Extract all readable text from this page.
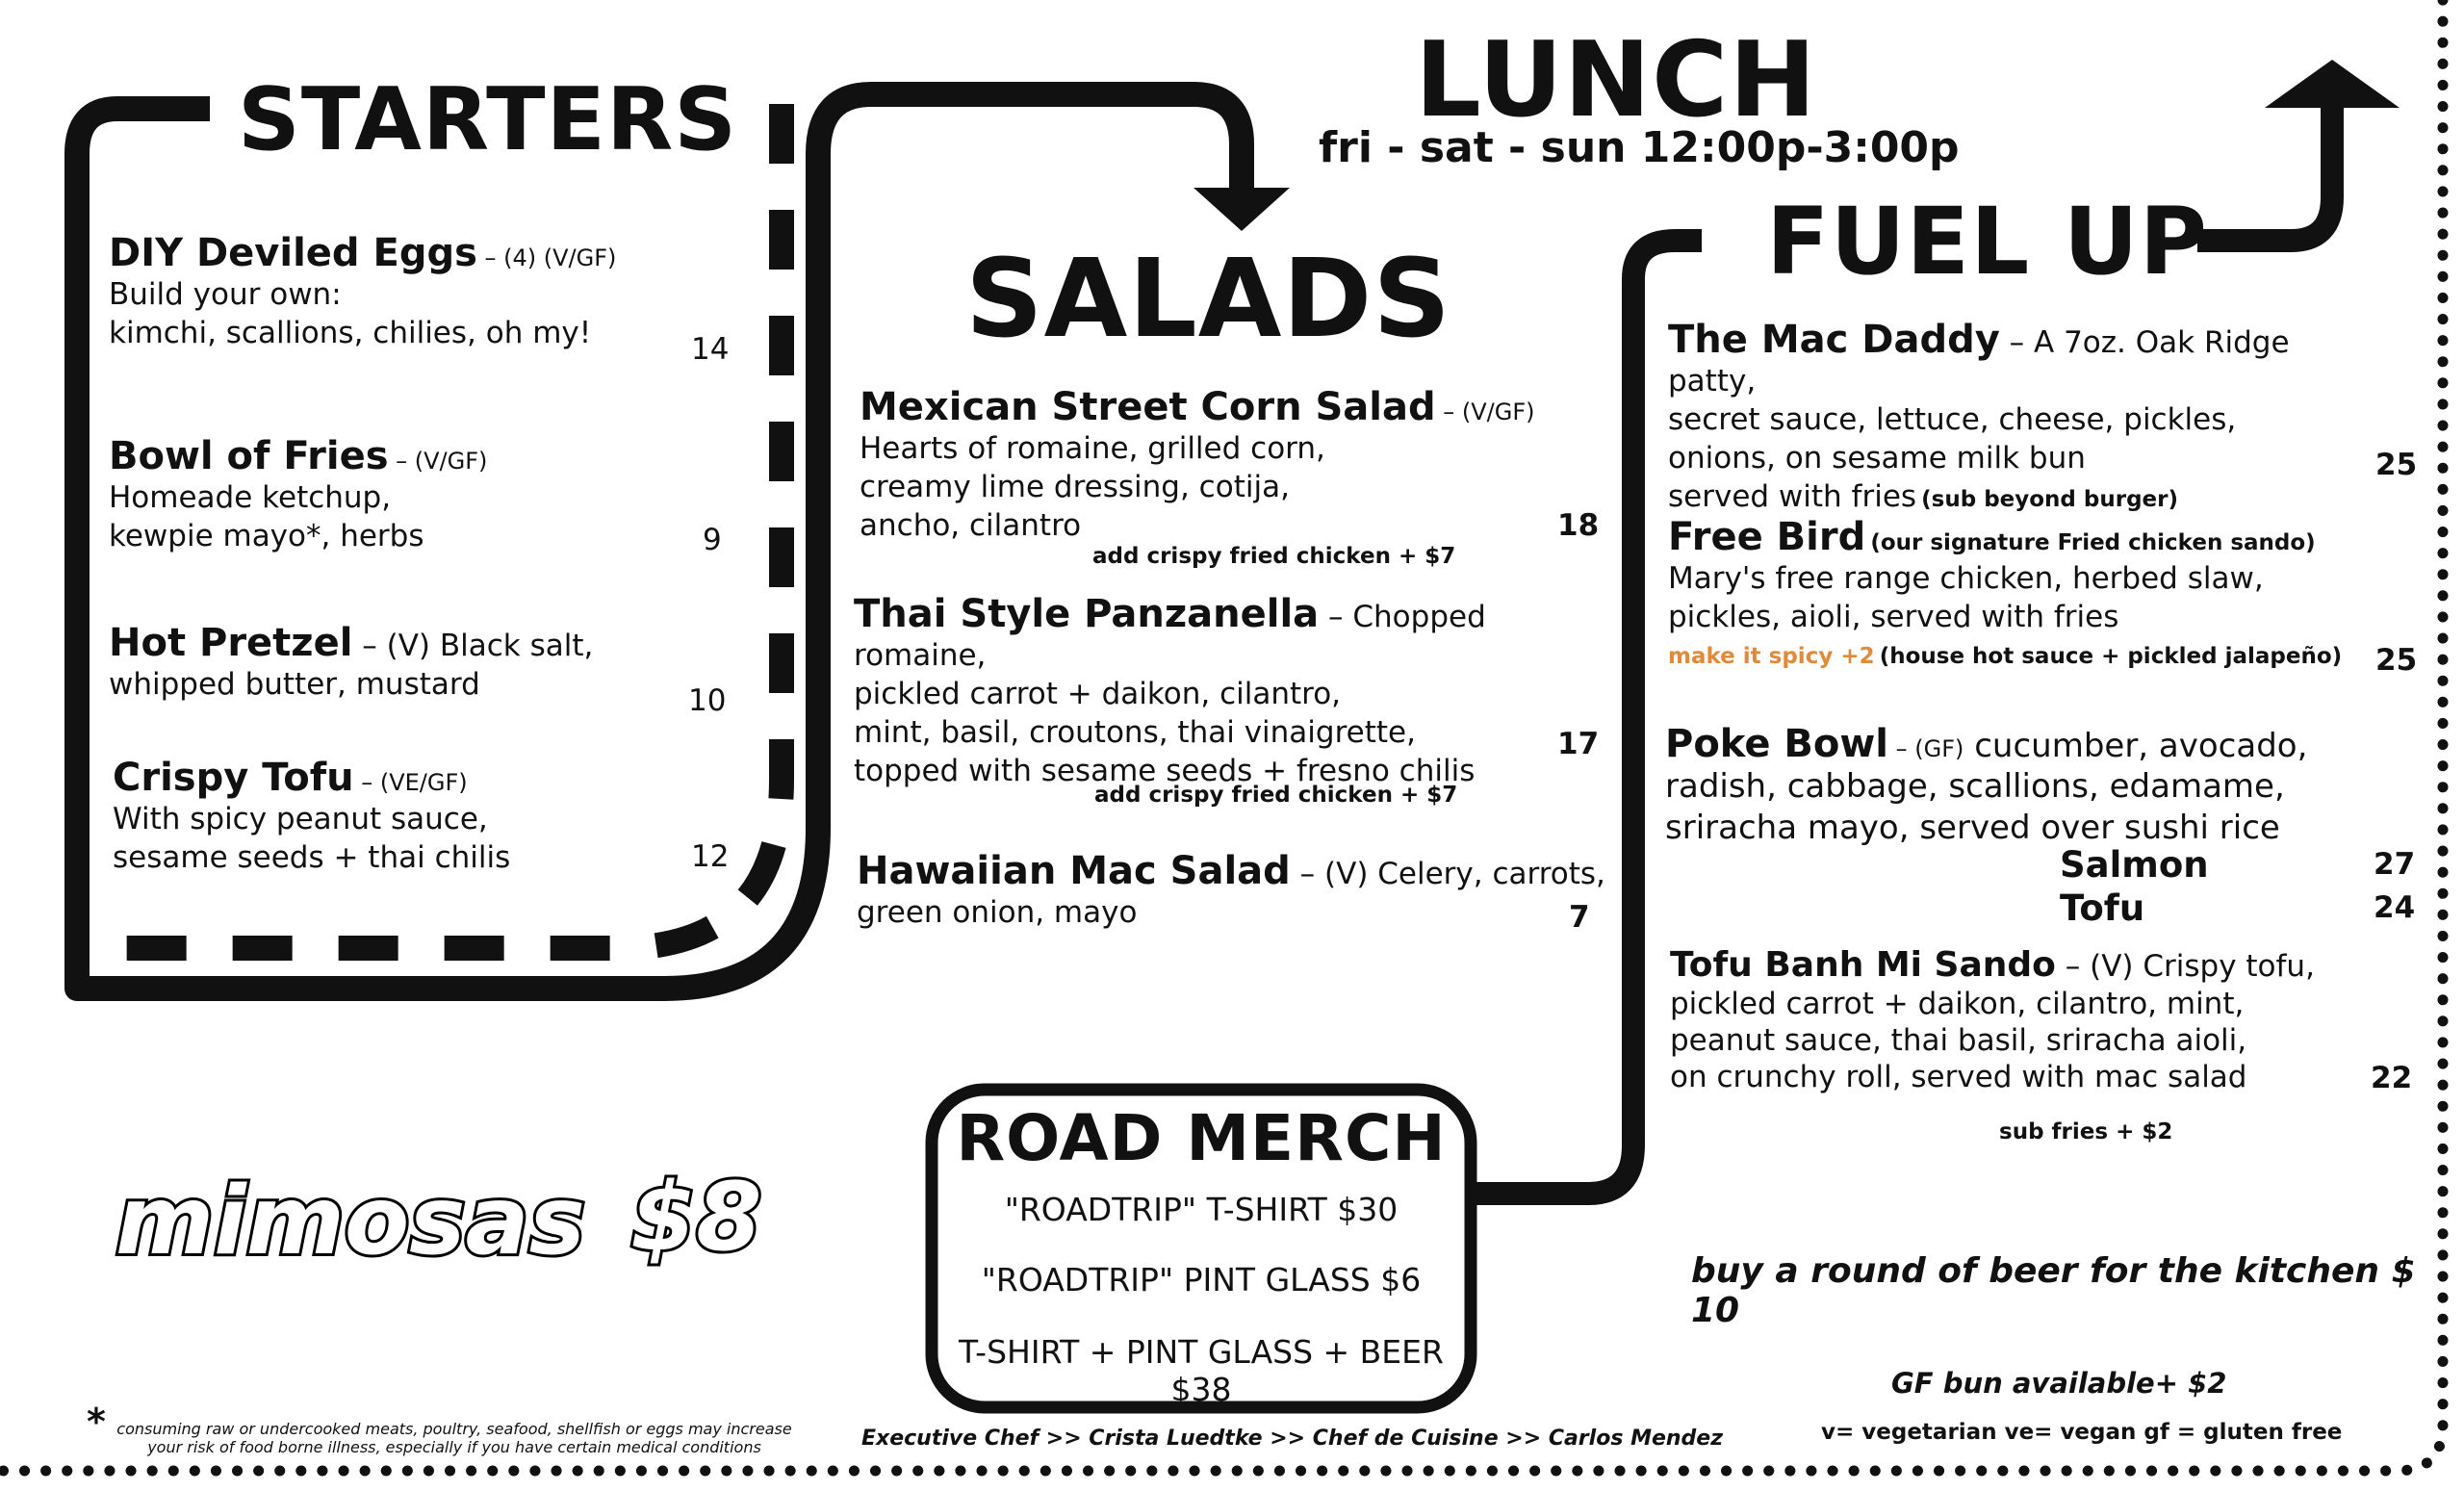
LUNCH
fri - sat - sun 12:00p-3:00p
STARTERS
DIY Deviled Eggs – (4) (V/GF)
Build your own:
kimchi, scallions, chilies, oh my!	14
Bowl of Fries – (V/GF)
Homeade ketchup,
kewpie mayo*, herbs	9
Hot Pretzel – (V) Black salt,
whipped butter, mustard	10
Crispy Tofu – (VE/GF)
With spicy peanut sauce,
sesame seeds + thai chilis	12
SALADS
Mexican Street Corn Salad – (V/GF)
Hearts of romaine, grilled corn,
creamy lime dressing, cotija,
ancho, cilantro
add crispy fried chicken + $7
18
Thai Style Panzanella – Chopped romaine,
pickled carrot + daikon, cilantro,
mint, basil, croutons, thai vinaigrette,
topped with sesame seeds + fresno chilis
17
add crispy fried chicken + $7
Hawaiian Mac Salad – (V) Celery, carrots,
green onion, mayo	7
ROAD MERCH
"ROADTRIP" T-SHIRT $30
"ROADTRIP" PINT GLASS $6
T-SHIRT + PINT GLASS + BEER $38
FUEL UP
The Mac Daddy – A 7oz. Oak Ridge patty,
secret sauce, lettuce, cheese, pickles,
onions, on sesame milk bun
served with fries (sub beyond burger)
25
Free Bird (our signature Fried chicken sando)
Mary's free range chicken, herbed slaw,
pickles, aioli, served with fries
make it spicy +2 (house hot sauce + pickled jalapeño)	25
Poke Bowl – (GF) cucumber, avocado,
radish, cabbage, scallions, edamame,
sriracha mayo, served over sushi rice
Salmon	27
Tofu	24
Tofu Banh Mi Sando – (V) Crispy tofu,
pickled carrot + daikon, cilantro, mint,
peanut sauce, thai basil, sriracha aioli,
on crunchy roll, served with mac salad	22
sub fries + $2
buy a round of beer for the kitchen $ 10
GF bun available+ $2
v= vegetarian ve= vegan gf = gluten free
mimosas $8
* consuming raw or undercooked meats, poultry, seafood, shellfish or eggs may increase
your risk of food borne illness, especially if you have certain medical conditions	Executive Chef >> Crista Luedtke >> Chef de Cuisine >> Carlos Mendez
